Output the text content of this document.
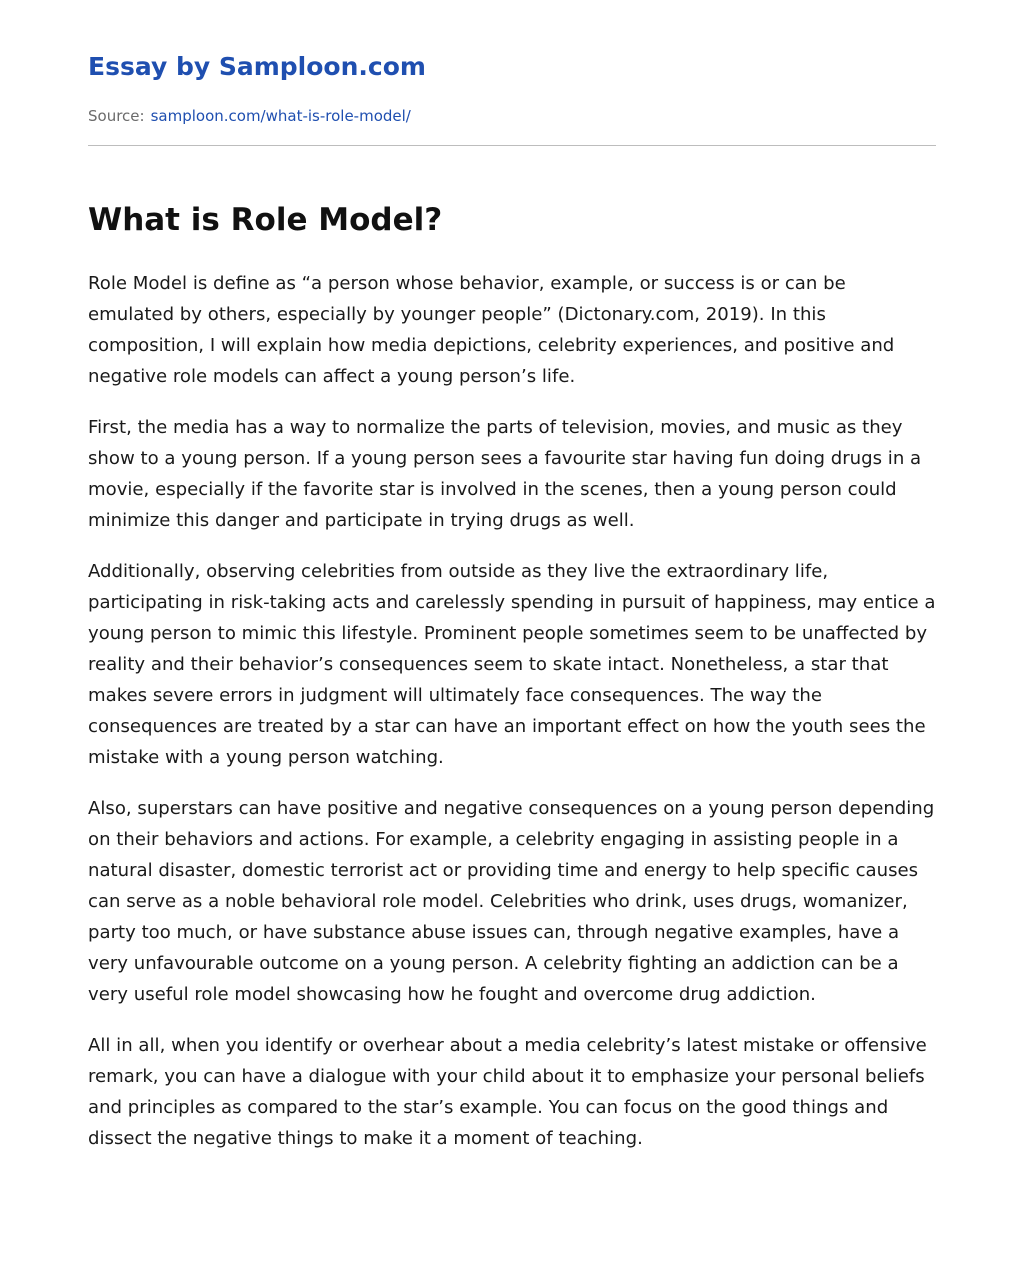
Essay by Samploon.com
Source: samploon.com/what-is-role-model/
What is Role Model?

Role Model is define as “a person whose behavior, example, or success is or can be emulated by others, especially by younger people” (Dictonary.com, 2019). In this composition, I will explain how media depictions, celebrity experiences, and positive and negative role models can affect a young person’s life.

First, the media has a way to normalize the parts of television, movies, and music as they show to a young person. If a young person sees a favourite star having fun doing drugs in a movie, especially if the favorite star is involved in the scenes, then a young person could minimize this danger and participate in trying drugs as well.

Additionally, observing celebrities from outside as they live the extraordinary life, participating in risk-taking acts and carelessly spending in pursuit of happiness, may entice a young person to mimic this lifestyle. Prominent people sometimes seem to be unaffected by reality and their behavior’s consequences seem to skate intact. Nonetheless, a star that makes severe errors in judgment will ultimately face consequences. The way the consequences are treated by a star can have an important effect on how the youth sees the mistake with a young person watching.

Also, superstars can have positive and negative consequences on a young person depending on their behaviors and actions. For example, a celebrity engaging in assisting people in a natural disaster, domestic terrorist act or providing time and energy to help specific causes can serve as a noble behavioral role model. Celebrities who drink, uses drugs, womanizer, party too much, or have substance abuse issues can, through negative examples, have a very unfavourable outcome on a young person. A celebrity fighting an addiction can be a very useful role model showcasing how he fought and overcome drug addiction.

All in all, when you identify or overhear about a media celebrity’s latest mistake or offensive remark, you can have a dialogue with your child about it to emphasize your personal beliefs and principles as compared to the star’s example. You can focus on the good things and dissect the negative things to make it a moment of teaching.
